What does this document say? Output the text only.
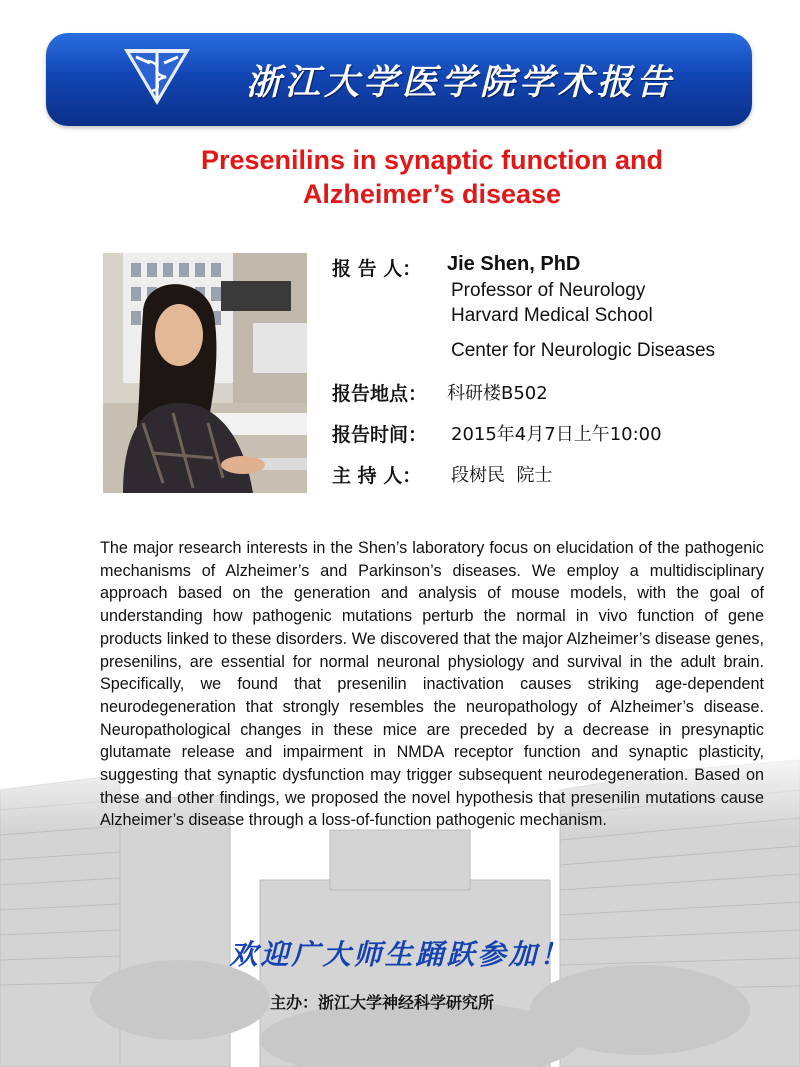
浙江大学医学院学术报告
Presenilins in synaptic function and
Alzheimer’s disease
报 告 人： Jie Shen, PhD
Professor of Neurology
Harvard Medical School
Center for Neurologic Diseases
报告地点： 科研楼B502
报告时间： 2015年4月7日上午10:00
主 持 人： 段树民  院士
The major research interests in the Shen’s laboratory focus on elucidation of the pathogenic mechanisms of Alzheimer’s and Parkinson’s diseases. We employ a multidisciplinary approach based on the generation and analysis of mouse models, with the goal of understanding how pathogenic mutations perturb the normal in vivo function of gene products linked to these disorders. We discovered that the major Alzheimer’s disease genes, presenilins, are essential for normal neuronal physiology and survival in the adult brain. Specifically, we found that presenilin inactivation causes striking age-dependent neurodegeneration that strongly resembles the neuropathology of Alzheimer’s disease. Neuropathological changes in these mice are preceded by a decrease in presynaptic glutamate release and impairment in NMDA receptor function and synaptic plasticity, suggesting that synaptic dysfunction may trigger subsequent neurodegeneration. Based on these and other findings, we proposed the novel hypothesis that presenilin mutations cause Alzheimer’s disease through a loss-of-function pathogenic mechanism.
欢迎广大师生踊跃参加！
主办：浙江大学神经科学研究所
